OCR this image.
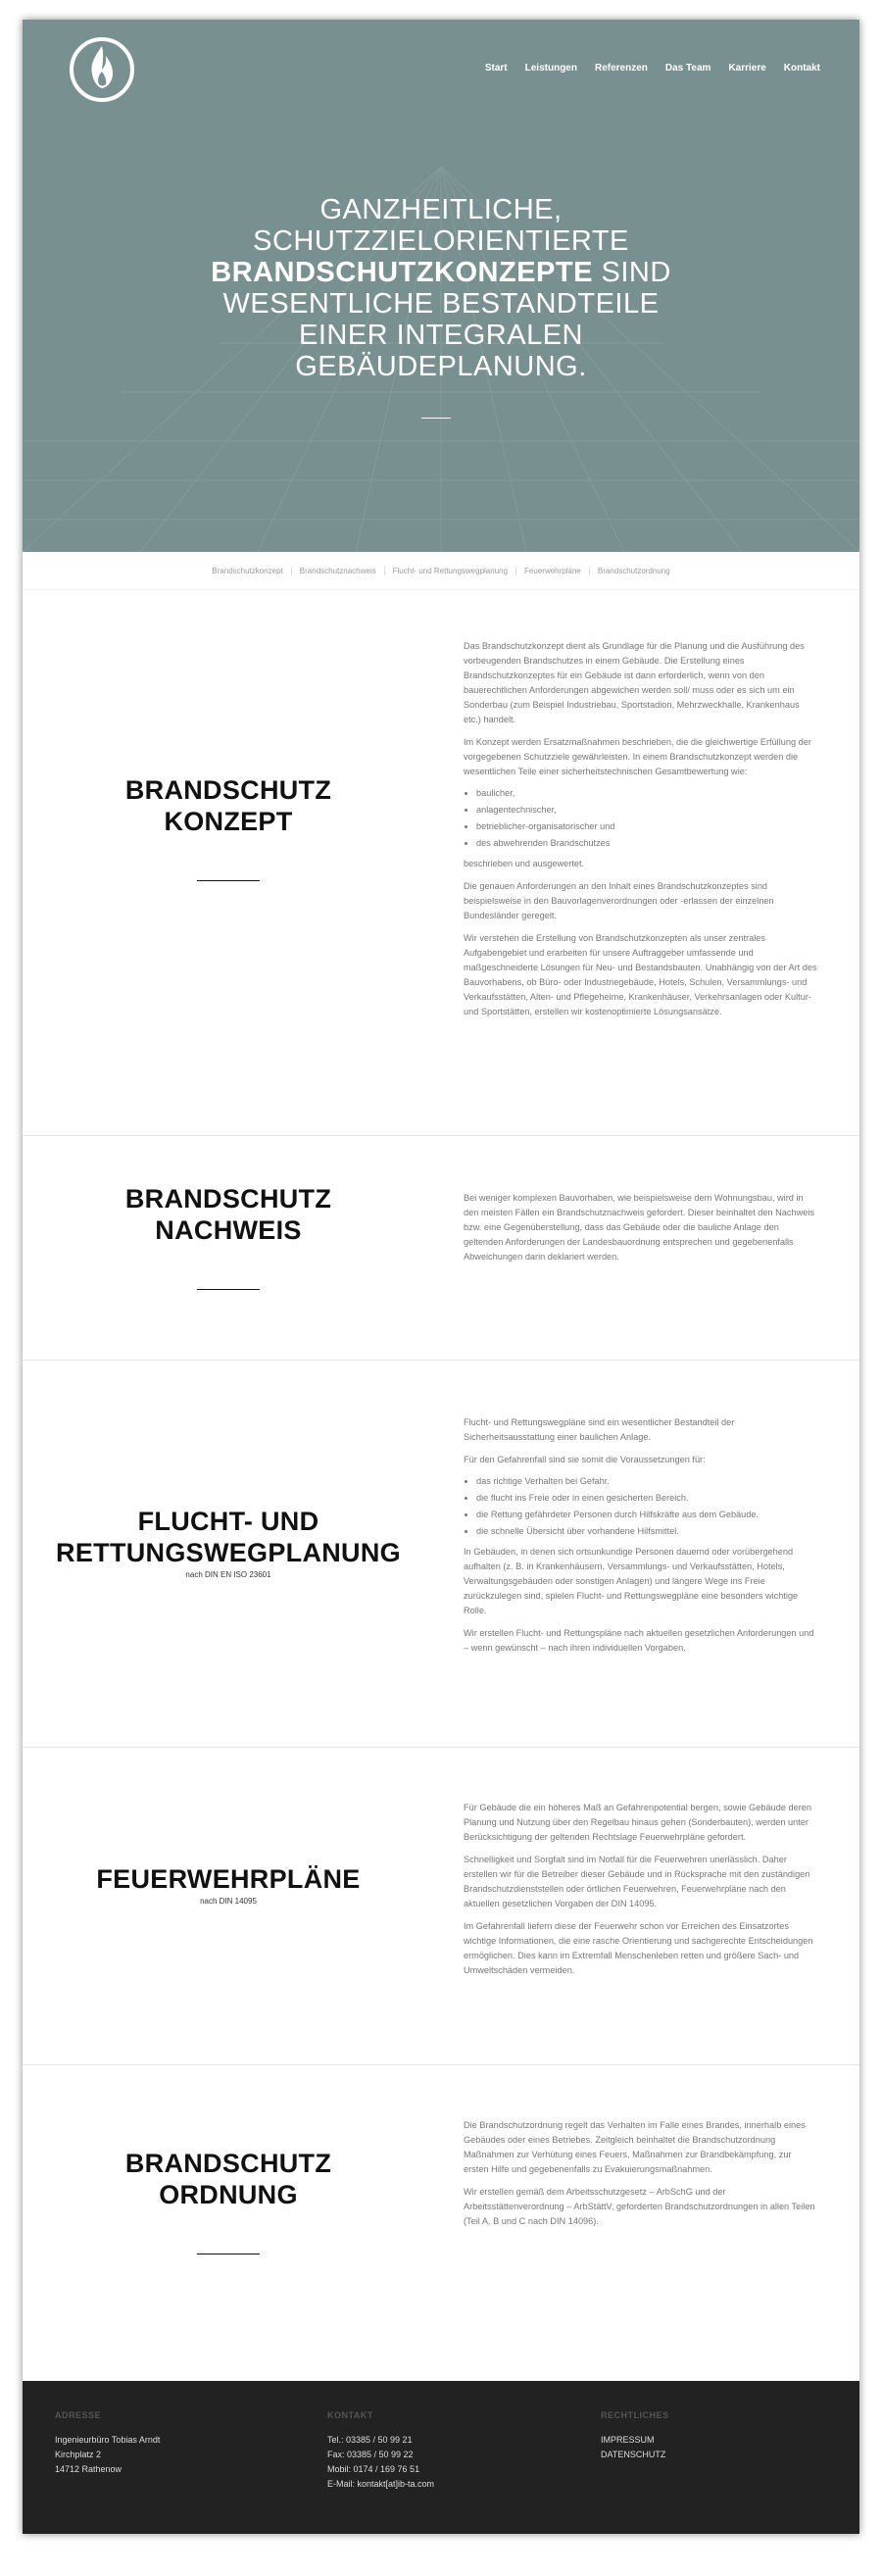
Start Leistungen Referenzen Das Team Karriere Kontakt
GANZHEITLICHE,
SCHUTZZIELORIENTIERTE
BRANDSCHUTZKONZEPTE SIND
WESENTLICHE BESTANDTEILE
EINER INTEGRALEN
GEBÄUDEPLANUNG.
Brandschutzkonzept	Brandschutznachweis	Flucht- und Rettungswegplanung	Feuerwehrpläne	Brandschutzordnung
BRANDSCHUTZ
KONZEPT

Das Brandschutzkonzept dient als Grundlage für die Planung und die Ausführung des vorbeugenden Brandschutzes in einem Gebäude. Die Erstellung eines Brandschutzkonzeptes für ein Gebäude ist dann erforderlich, wenn von den bauerechtlichen Anforderungen abgewichen werden soll/ muss oder es sich um ein Sonderbau (zum Beispiel Industriebau, Sportstadion, Mehrzweckhalle, Krankenhaus etc.) handelt.

Im Konzept werden Ersatzmaßnahmen beschrieben, die die gleichwertige Erfüllung der vorgegebenen Schutzziele gewährleisten. In einem Brandschutzkonzept werden die wesentlichen Teile einer sicherheitstechnischen Gesamtbewertung wie:

• baulicher,
• anlagentechnischer,
• betrieblicher-organisatorischer und
• des abwehrenden Brandschutzes

beschrieben und ausgewertet.

Die genauen Anforderungen an den Inhalt eines Brandschutzkonzeptes sind beispielsweise in den Bauvorlagenverordnungen oder -erlassen der einzelnen Bundesländer geregelt.

Wir verstehen die Erstellung von Brandschutzkonzepten als unser zentrales Aufgabengebiet und erarbeiten für unsere Auftraggeber umfassende und maßgeschneiderte Lösungen für Neu- und Bestandsbauten. Unabhängig von der Art des Bauvorhabens, ob Büro- oder Industriegebäude, Hotels, Schulen, Versammlungs- und Verkaufsstätten, Alten- und Pflegeheime, Krankenhäuser, Verkehrsanlagen oder Kultur- und Sportstätten, erstellen wir kostenoptimierte Lösungsansätze.

BRANDSCHUTZ
NACHWEIS

Bei weniger komplexen Bauvorhaben, wie beispielsweise dem Wohnungsbau, wird in den meisten Fällen ein Brandschutznachweis gefordert. Dieser beinhaltet den Nachweis bzw. eine Gegenüberstellung, dass das Gebäude oder die bauliche Anlage den geltenden Anforderungen der Landesbauordnung entsprechen und gegebenenfalls Abweichungen darin deklariert werden.

FLUCHT- UND
RETTUNGSWEGPLANUNG
nach DIN EN ISO 23601

Flucht- und Rettungswegpläne sind ein wesentlicher Bestandteil der Sicherheitsausstattung einer baulichen Anlage.

Für den Gefahrenfall sind sie somit die Voraussetzungen für:

• das richtige Verhalten bei Gefahr.
• die flucht ins Freie oder in einen gesicherten Bereich.
• die Rettung gefährdeter Personen durch Hilfskräfte aus dem Gebäude.
• die schnelle Übersicht über vorhandene Hilfsmittel.

In Gebäuden, in denen sich ortsunkundige Personen dauernd oder vorübergehend aufhalten (z. B. in Krankenhäusern, Versammlungs- und Verkaufsstätten, Hotels, Verwaltungsgebäuden oder sonstigen Anlagen) und längere Wege ins Freie zurückzulegen sind, spielen Flucht- und Rettungswegpläne eine besonders wichtige Rolle.

Wir erstellen Flucht- und Rettungspläne nach aktuellen gesetzlichen Anforderungen und – wenn gewünscht – nach ihren individuellen Vorgaben.

FEUERWEHRPLÄNE
nach DIN 14095

Für Gebäude die ein höheres Maß an Gefahrenpotential bergen, sowie Gebäude deren Planung und Nutzung über den Regelbau hinaus gehen (Sonderbauten), werden unter Berücksichtigung der geltenden Rechtslage Feuerwehrpläne gefordert.

Schnelligkeit und Sorgfalt sind im Notfall für die Feuerwehren unerlässlich. Daher erstellen wir für die Betreiber dieser Gebäude und in Rücksprache mit den zuständigen Brandschutzdienststellen oder örtlichen Feuerwehren, Feuerwehrpläne nach den aktuellen gesetzlichen Vorgaben der DIN 14095.

Im Gefahrenfall liefern diese der Feuerwehr schon vor Erreichen des Einsatzortes wichtige Informationen, die eine rasche Orientierung und sachgerechte Entscheidungen ermöglichen. Dies kann im Extremfall Menschenleben retten und größere Sach- und Umweltschäden vermeiden.

BRANDSCHUTZ
ORDNUNG

Die Brandschutzordnung regelt das Verhalten im Falle eines Brandes, innerhalb eines Gebäudes oder eines Betriebes. Zeitgleich beinhaltet die Brandschutzordnung Maßnahmen zur Verhütung eines Feuers, Maßnahmen zur Brandbekämpfung, zur ersten Hilfe und gegebenenfalls zu Evakuierungsmaßnahmen.

Wir erstellen gemäß dem Arbeitsschutzgesetz – ArbSchG und der Arbeitsstättenverordnung – ArbStättV, geforderten Brandschutzordnungen in allen Teilen (Teil A, B und C nach DIN 14096).

ADRESSE
Ingenieurbüro Tobias Arndt
Kirchplatz 2
14712 Rathenow
KONTAKT
Tel.: 03385 / 50 99 21
Fax: 03385 / 50 99 22
Mobil: 0174 / 169 76 51
E-Mail: kontakt[at]ib-ta.com
RECHTLICHES
IMPRESSUM
DATENSCHUTZ
